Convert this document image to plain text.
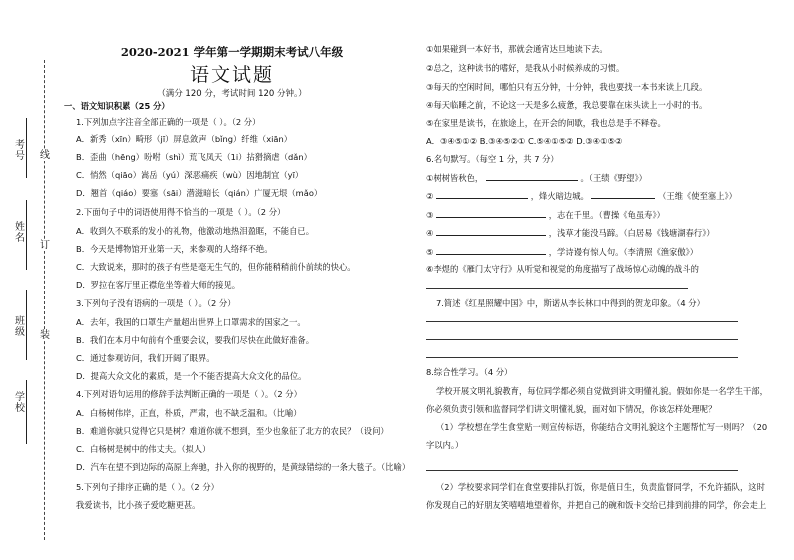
考号
姓名
班级
学校
线
订
装
2020-2021 学年第一学期期末考试八年级
语文试题
（满分 120 分，考试时间 120 分钟。）
一、语文知识积累（25 分）
1.下列加点字注音全部正确的一项是（ ）。（2 分）
A．新秀（xīn）畸形（jī）屏息敛声（bǐng）纤维（xiān）
B．歪曲（hēng）吩咐（shì）荒飞凤天（1i）拈猾摘虐（dǎn）
C．悄然（qiāo）嵩岳（yú）深恶痛疾（wù）因地制宜（yī）
D．翘首（qiáo）要塞（sāi）潜滋暗长（qián）广厦无垠（mǎo）
2.下面句子中的词语使用得不恰当的一项是（ ）。（2 分）
A．收到久不联系的发小的礼物，他激动地热泪盈眶，不能自已。
B．今天是博物馆开业第一天，来参观的人络绎不绝。
C．大致说来，那时的孩子有些是毫无生气的，但你能稍稍前仆前续的快心。
D．罗拉在客厅里正襟危坐等着大师的接见。
3.下列句子没有语病的一项是（ ）。（2 分）
A．去年，我国的口罩生产量超出世界上口罩需求的国家之一。
B．我们在本月中旬前有个重要会议，要我们尽快在此做好准备。
C．通过参观访问，我们开阔了眼界。
D．提高大众文化的素质，是一个不能否提高大众文化的品位。
4.下列对语句运用的修辞手法判断正确的一项是（ ）。（2 分）
A．白杨树伟岸，正直，朴质，严肃，也不缺乏温和。（比喻）
B．难道你就只觉得它只是树？难道你就不想到，至少也象征了北方的农民？（设问）
C．白杨树是树中的伟丈夫。（拟人）
D．汽车在望不到边际的高原上奔驰，扑入你的视野的，是黄绿错综的一条大毯子。（比喻）
5.下列句子排序正确的是（ ）。（2 分）
我爱读书，比小孩子爱吃糖更甚。
①如果碰到一本好书，那就会通宵达旦地读下去。
②总之，这种读书的嗜好，是我从小时候养成的习惯。
③每天的空闲时间，哪怕只有五分钟，十分钟，我也要找一本书来读上几段。
④每天临睡之前，不论这一天是多么疲惫，我总要靠在床头读上一小时的书。
⑤在家里是读书，在旅途上，在开会的间歇，我也总是手不释卷。
A．③④⑤①② B.③④⑤②① C.⑤④①⑤② D.③④①⑤②
6.名句默写。（每空 1 分，共 7 分）
①树树皆秋色，	。（王绩《野望》）
②	，烽火暗边城。	（王维《使至塞上》）
③	，志在千里。（曹操《龟虽寿》）
④	，浅草才能没马蹄。（白居易《钱塘湖春行》）
⑤	，学诗谩有惊人句。（李清照《渔家傲》）
⑥李煜的《雁门太守行》从听觉和视觉的角度描写了战场惊心动魄的战斗的
7.简述《红星照耀中国》中，斯诺从李长林口中得到的贺龙印象。（4 分）
8.综合性学习。（4 分）
学校开展文明礼貌教育，每位同学都必须自觉做到讲文明懂礼貌。假如你是一名学生干部，
你必须负责引领和监督同学们讲文明懂礼貌，面对如下情况，你该怎样处理呢？
（1）学校想在学生食堂贴一则宣传标语，你能结合文明礼貌这个主题帮忙写一则吗？（20
字以内。）
（2）学校要求同学们在食堂要排队打饭，你是值日生，负责监督同学，不允许插队，这时
你发现自己的好朋友笑嘻嘻地望着你，并把自己的碗和饭卡交给已排到前排的同学，你会走上
